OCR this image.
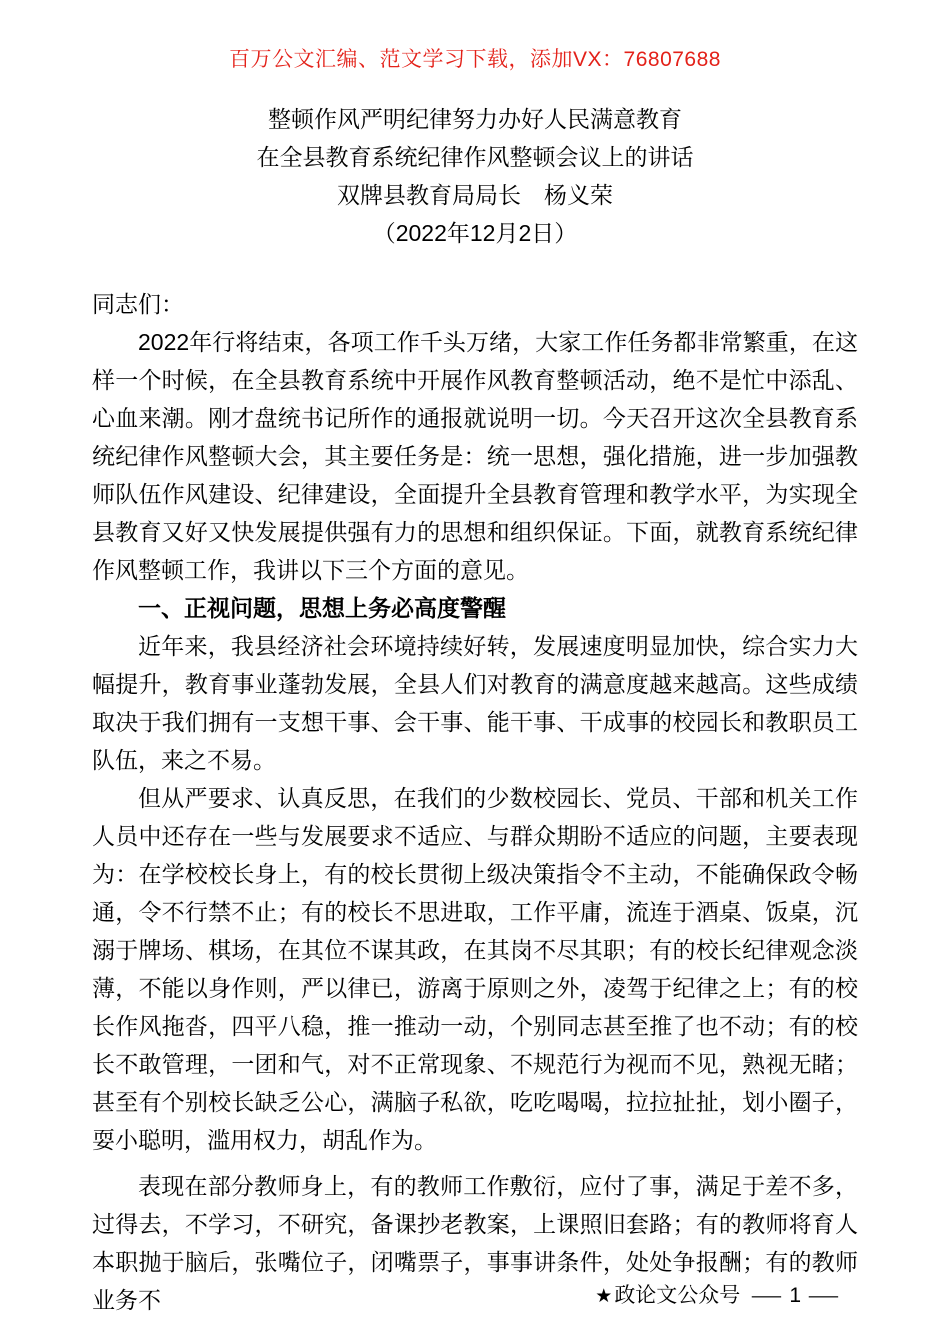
百万公文汇编、范文学习下载，添加VX：76807688

整顿作风严明纪律努力办好人民满意教育

在全县教育系统纪律作风整顿会议上的讲话

双牌县教育局局长　杨义荣

（2022年12月2日）

同志们：

2022年行将结束，各项工作千头万绪，大家工作任务都非常繁重，在这样一个时候，在全县教育系统中开展作风教育整顿活动，绝不是忙中添乱、心血来潮。刚才盘统书记所作的通报就说明一切。今天召开这次全县教育系统纪律作风整顿大会，其主要任务是：统一思想，强化措施，进一步加强教师队伍作风建设、纪律建设，全面提升全县教育管理和教学水平，为实现全县教育又好又快发展提供强有力的思想和组织保证。下面，就教育系统纪律作风整顿工作，我讲以下三个方面的意见。

一、正视问题，思想上务必高度警醒

近年来，我县经济社会环境持续好转，发展速度明显加快，综合实力大幅提升，教育事业蓬勃发展，全县人们对教育的满意度越来越高。这些成绩取决于我们拥有一支想干事、会干事、能干事、干成事的校园长和教职员工队伍，来之不易。

但从严要求、认真反思，在我们的少数校园长、党员、干部和机关工作人员中还存在一些与发展要求不适应、与群众期盼不适应的问题，主要表现为：在学校校长身上，有的校长贯彻上级决策指令不主动，不能确保政令畅通，令不行禁不止；有的校长不思进取，工作平庸，流连于酒桌、饭桌，沉溺于牌场、棋场，在其位不谋其政，在其岗不尽其职；有的校长纪律观念淡薄，不能以身作则，严以律已，游离于原则之外，凌驾于纪律之上；有的校长作风拖沓，四平八稳，推一推动一动，个别同志甚至推了也不动；有的校长不敢管理，一团和气，对不正常现象、不规范行为视而不见，熟视无睹；甚至有个别校长缺乏公心，满脑子私欲，吃吃喝喝，拉拉扯扯，划小圈子，耍小聪明，滥用权力，胡乱作为。

表现在部分教师身上，有的教师工作敷衍，应付了事，满足于差不多，过得去，不学习，不研究，备课抄老教案，上课照旧套路；有的教师将育人本职抛于脑后，张嘴位子，闭嘴票子，事事讲条件，处处争报酬；有的教师业务不	★政论文公众号 — 1 —
